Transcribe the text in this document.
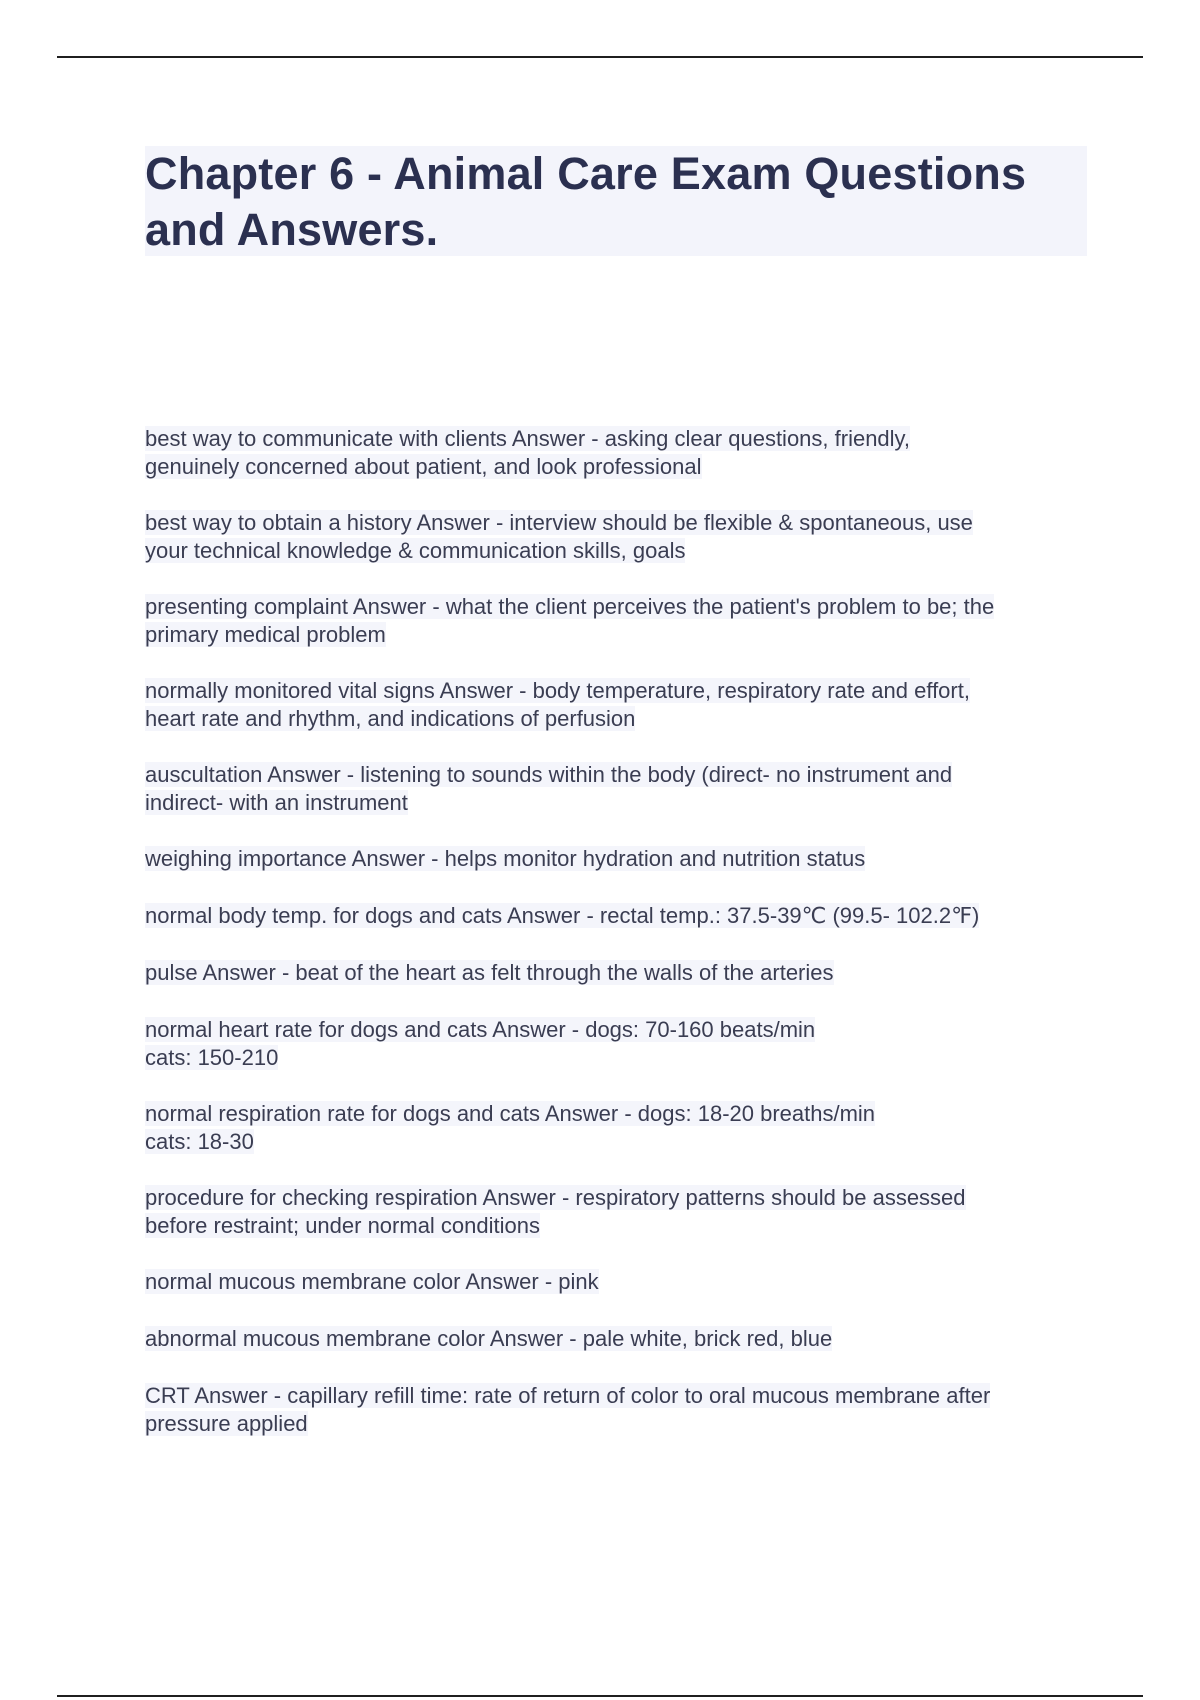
Chapter 6 - Animal Care Exam Questions and Answers.
best way to communicate with clients Answer - asking clear questions, friendly,
genuinely concerned about patient, and look professional
best way to obtain a history Answer - interview should be flexible & spontaneous, use
your technical knowledge & communication skills, goals
presenting complaint Answer - what the client perceives the patient's problem to be; the
primary medical problem
normally monitored vital signs Answer - body temperature, respiratory rate and effort,
heart rate and rhythm, and indications of perfusion
auscultation Answer - listening to sounds within the body (direct- no instrument and
indirect- with an instrument
weighing importance Answer - helps monitor hydration and nutrition status
normal body temp. for dogs and cats Answer - rectal temp.: 37.5-39℃ (99.5- 102.2℉)
pulse Answer - beat of the heart as felt through the walls of the arteries
normal heart rate for dogs and cats Answer - dogs: 70-160 beats/min
cats: 150-210
normal respiration rate for dogs and cats Answer - dogs: 18-20 breaths/min
cats: 18-30
procedure for checking respiration Answer - respiratory patterns should be assessed
before restraint; under normal conditions
normal mucous membrane color Answer - pink
abnormal mucous membrane color Answer - pale white, brick red, blue
CRT Answer - capillary refill time: rate of return of color to oral mucous membrane after
pressure applied
